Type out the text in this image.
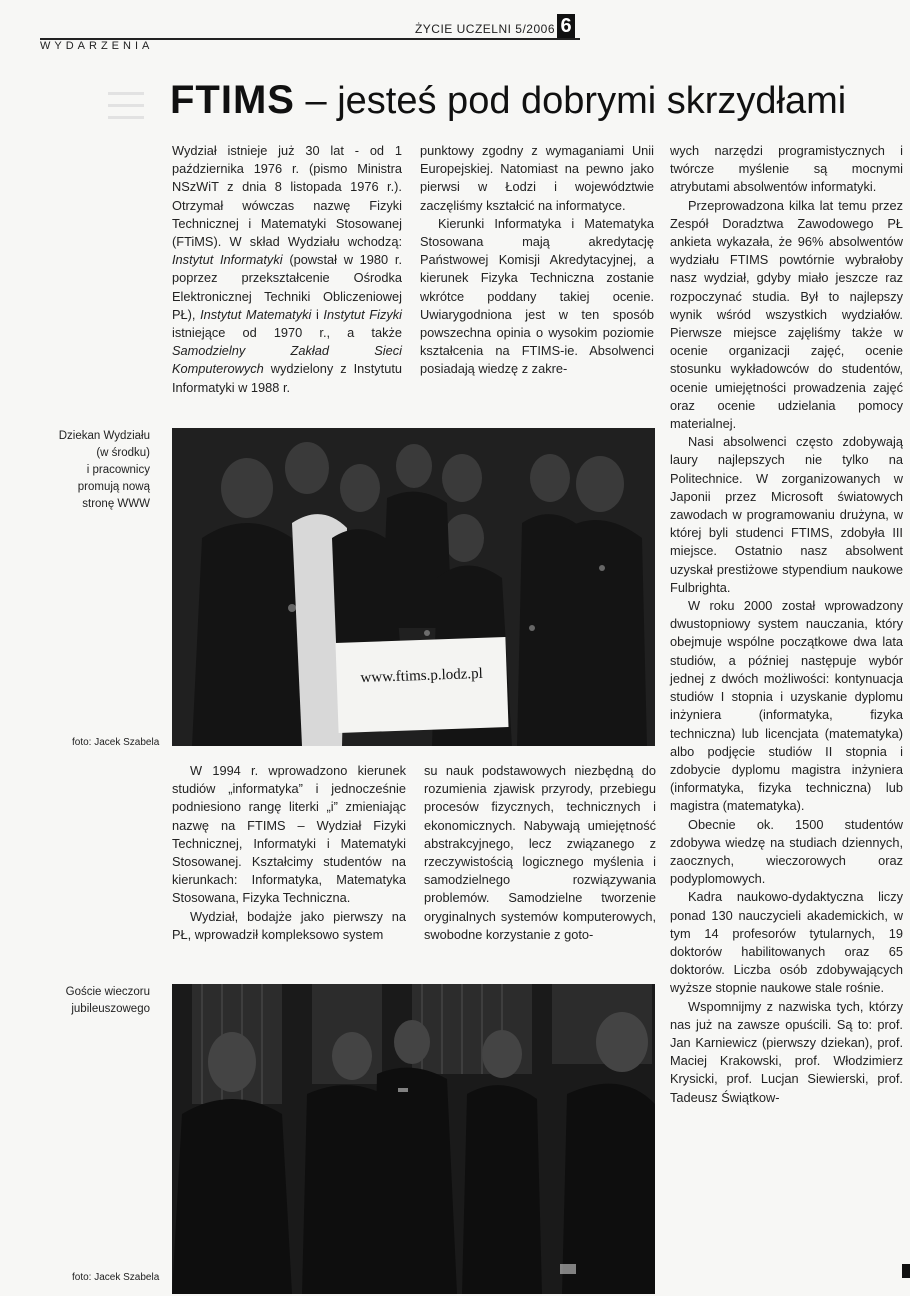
ŻYCIE UCZELNI 5/2006 6
WYDARZENIA
FTIMS – jesteś pod dobrymi skrzydłami

Wydział istnieje już 30 lat - od 1 października 1976 r. (pismo Ministra NSzWiT z dnia 8 listopada 1976 r.). Otrzymał wówczas nazwę Fizyki Technicznej i Matematyki Stosowanej (FTiMS). W skład Wydziału wchodzą: Instytut Informatyki (powstał w 1980 r. poprzez przekształcenie Ośrodka Elektronicznej Techniki Obliczeniowej PŁ), Instytut Matematyki i Instytut Fizyki istniejące od 1970 r., a także Samodzielny Zakład Sieci Komputerowych wydzielony z Instytutu Informatyki w 1988 r.

punktowy zgodny z wymaganiami Unii Europejskiej. Natomiast na pewno jako pierwsi w Łodzi i województwie zaczęliśmy kształcić na informatyce.

Kierunki Informatyka i Matematyka Stosowana mają akredytację Państwowej Komisji Akredytacyjnej, a kierunek Fizyka Techniczna zostanie wkrótce poddany takiej ocenie. Uwiarygodniona jest w ten sposób powszechna opinia o wysokim poziomie kształcenia na FTIMS-ie. Absolwenci posiadają wiedzę z zakre-

wych narzędzi programistycznych i twórcze myślenie są mocnymi atrybutami absolwentów informatyki.

Przeprowadzona kilka lat temu przez Zespół Doradztwa Zawodowego PŁ ankieta wykazała, że 96% absolwentów wydziału FTIMS powtórnie wybrałoby nasz wydział, gdyby miało jeszcze raz rozpoczynać studia. Był to najlepszy wynik wśród wszystkich wydziałów. Pierwsze miejsce zajęliśmy także w ocenie organizacji zajęć, ocenie stosunku wykładowców do studentów, ocenie umiejętności prowadzenia zajęć oraz ocenie udzielania pomocy materialnej.

Nasi absolwenci często zdobywają laury najlepszych nie tylko na Politechnice. W zorganizowanych w Japonii przez Microsoft światowych zawodach w programowaniu drużyna, w której byli studenci FTIMS, zdobyła III miejsce. Ostatnio nasz absolwent uzyskał prestiżowe stypendium naukowe Fulbrighta.

W roku 2000 został wprowadzony dwustopniowy system nauczania, który obejmuje wspólne początkowe dwa lata studiów, a później następuje wybór jednej z dwóch możliwości: kontynuacja studiów I stopnia i uzyskanie dyplomu inżyniera (informatyka, fizyka techniczna) lub licencjata (matematyka) albo podjęcie studiów II stopnia i zdobycie dyplomu magistra inżyniera (informatyka, fizyka techniczna) lub magistra (matematyka).

Obecnie ok. 1500 studentów zdobywa wiedzę na studiach dziennych, zaocznych, wieczorowych oraz podyplomowych.

Kadra naukowo-dydaktyczna liczy ponad 130 nauczycieli akademickich, w tym 14 profesorów tytularnych, 19 doktorów habilitowanych oraz 65 doktorów. Liczba osób zdobywających wyższe stopnie naukowe stale rośnie.

Wspomnijmy z nazwiska tych, którzy nas już na zawsze opuścili. Są to: prof. Jan Karniewicz (pierwszy dziekan), prof. Maciej Krakowski, prof. Włodzimierz Krysicki, prof. Lucjan Siewierski, prof. Tadeusz Świątkow-

Dziekan Wydziału
(w środku)
i pracownicy
promują nową
stronę WWW
foto: Jacek Szabela
www.ftims.p.lodz.pl

W 1994 r. wprowadzono kierunek studiów „informatyka” i jednocześnie podniesiono rangę literki „i” zmieniając nazwę na FTIMS – Wydział Fizyki Technicznej, Informatyki i Matematyki Stosowanej. Kształcimy studentów na kierunkach: Informatyka, Matematyka Stosowana, Fizyka Techniczna.

Wydział, bodajże jako pierwszy na PŁ, wprowadził kompleksowo system

su nauk podstawowych niezbędną do rozumienia zjawisk przyrody, przebiegu procesów fizycznych, technicznych i ekonomicznych. Nabywają umiejętność abstrakcyjnego, lecz związanego z rzeczywistością logicznego myślenia i samodzielnego rozwiązywania problemów. Samodzielne tworzenie oryginalnych systemów komputerowych, swobodne korzystanie z goto-

Goście wieczoru
jubileuszowego
foto: Jacek Szabela
